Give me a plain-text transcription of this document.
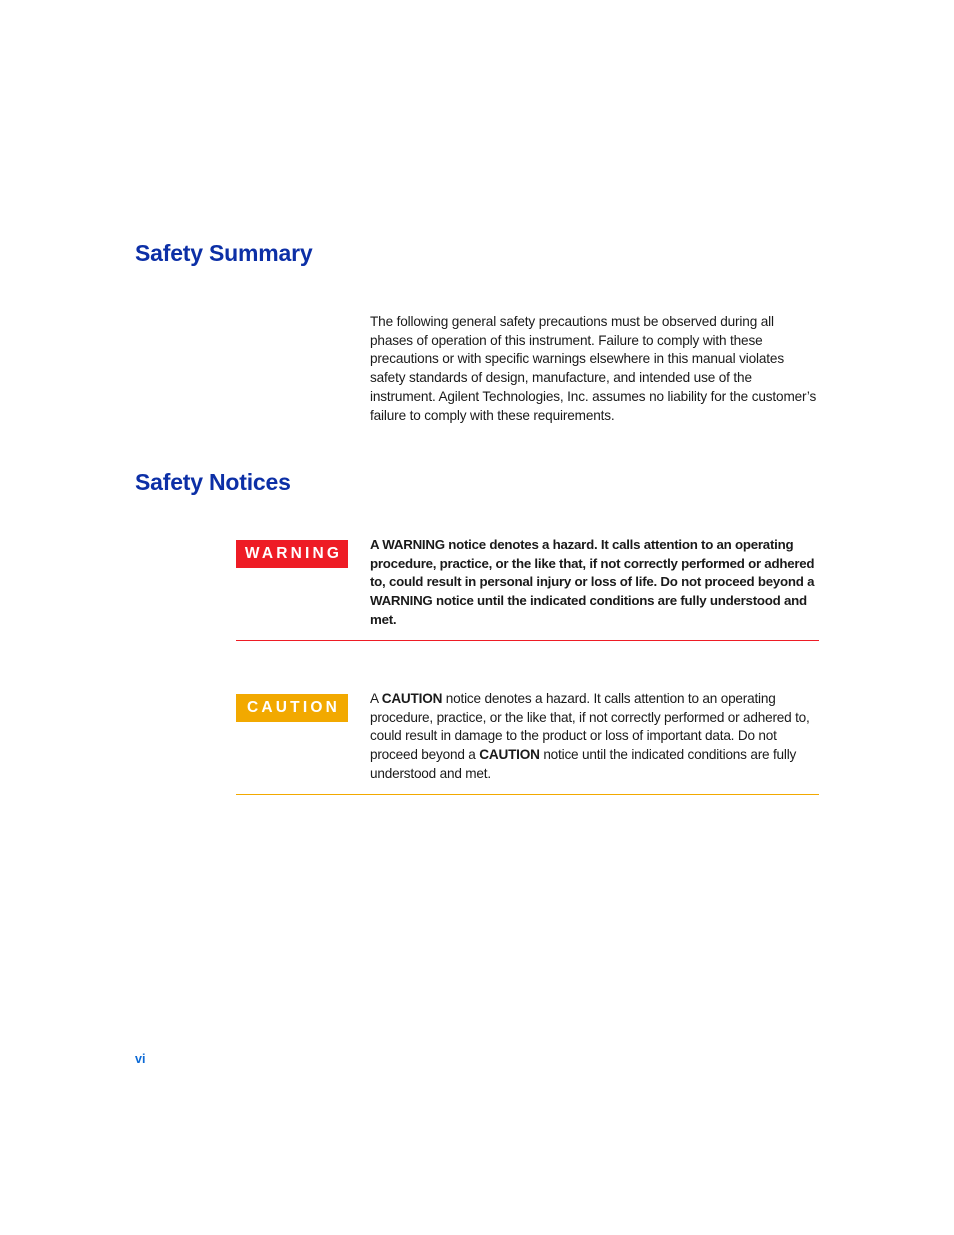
Safety Summary

The following general safety precautions must be observed during all phases of operation of this instrument. Failure to comply with these precautions or with specific warnings elsewhere in this manual violates safety standards of design, manufacture, and intended use of the instrument. Agilent Technologies, Inc. assumes no liability for the customer’s failure to comply with these requirements.

Safety Notices
WARNING

A WARNING notice denotes a hazard. It calls attention to an operating procedure, practice, or the like that, if not correctly performed or adhered to, could result in personal injury or loss of life. Do not proceed beyond a WARNING notice until the indicated conditions are fully understood and met.

CAUTION

A CAUTION notice denotes a hazard. It calls attention to an operating procedure, practice, or the like that, if not correctly performed or adhered to, could result in damage to the product or loss of important data. Do not proceed beyond a CAUTION notice until the indicated conditions are fully understood and met.

vi
